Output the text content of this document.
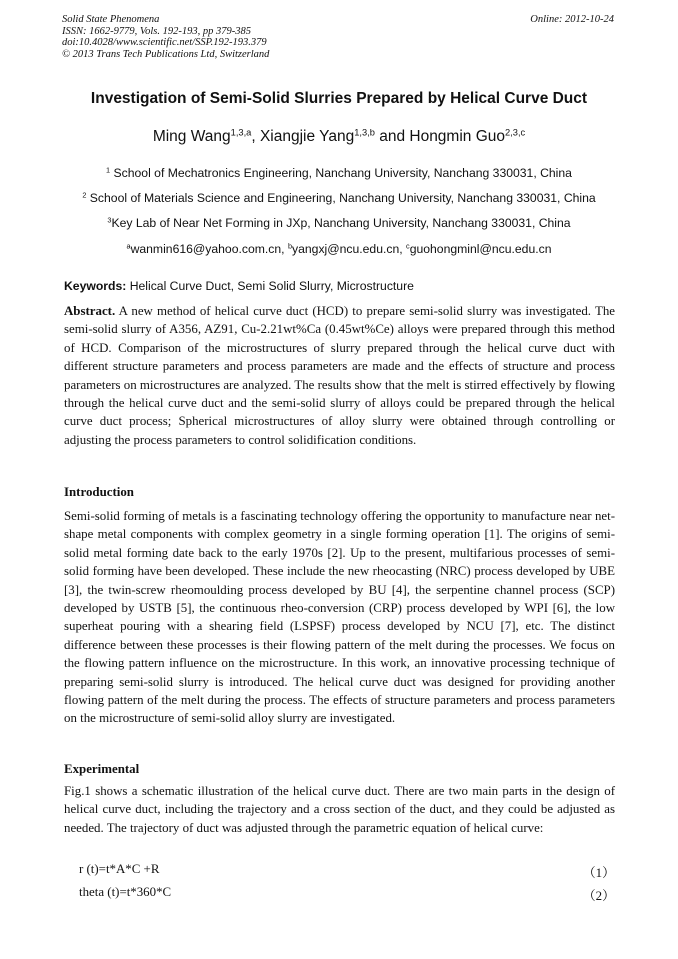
Solid State Phenomena
ISSN: 1662-9779, Vols. 192-193, pp 379-385
doi:10.4028/www.scientific.net/SSP.192-193.379
© 2013 Trans Tech Publications Ltd, Switzerland
Online: 2012-10-24
Investigation of Semi-Solid Slurries Prepared by Helical Curve Duct
Ming Wang$^{1,3,a}$, Xiangjie Yang$^{1,3,b}$ and Hongmin Guo$^{2,3,c}$
$^1$ School of Mechatronics Engineering, Nanchang University, Nanchang 330031, China
$^2$ School of Materials Science and Engineering, Nanchang University, Nanchang 330031, China
$^3$Key Lab of Near Net Forming in JXp, Nanchang University, Nanchang 330031, China
$^a$wanmin616@yahoo.com.cn, $^b$yangxj@ncu.edu.cn, $^c$guohongminl@ncu.edu.cn
Keywords: Helical Curve Duct, Semi Solid Slurry, Microstructure
Abstract. A new method of helical curve duct (HCD) to prepare semi-solid slurry was investigated. The semi-solid slurry of A356, AZ91, Cu-2.21wt%Ca (0.45wt%Ce) alloys were prepared through this method of HCD. Comparison of the microstructures of slurry prepared through the helical curve duct with different structure parameters and process parameters are made and the effects of structure and process parameters on microstructures are analyzed. The results show that the melt is stirred effectively by flowing through the helical curve duct and the semi-solid slurry of alloys could be prepared through the helical curve duct process; Spherical microstructures of alloy slurry were obtained through controlling or adjusting the process parameters to control solidification conditions.
Introduction
Semi-solid forming of metals is a fascinating technology offering the opportunity to manufacture near net-shape metal components with complex geometry in a single forming operation [1]. The origins of semi-solid metal forming date back to the early 1970s [2]. Up to the present, multifarious processes of semi-solid forming have been developed. These include the new rheocasting (NRC) process developed by UBE [3], the twin-screw rheomoulding process developed by BU [4], the serpentine channel process (SCP) developed by USTB [5], the continuous rheo-conversion (CRP) process developed by WPI [6], the low superheat pouring with a shearing field (LSPSF) process developed by NCU [7], etc. The distinct difference between these processes is their flowing pattern of the melt during the processes. We focus on the flowing pattern influence on the microstructure. In this work, an innovative processing technique of preparing semi-solid slurry is introduced. The helical curve duct was designed for providing another flowing pattern of the melt during the process. The effects of structure parameters and process parameters on the microstructure of semi-solid alloy slurry are investigated.
Experimental
Fig.1 shows a schematic illustration of the helical curve duct. There are two main parts in the design of helical curve duct, including the trajectory and a cross section of the duct, and they could be adjusted as needed. The trajectory of duct was adjusted through the parametric equation of helical curve:
r (t)=t*A*C +R	（1）
theta (t)=t*360*C	（2）
